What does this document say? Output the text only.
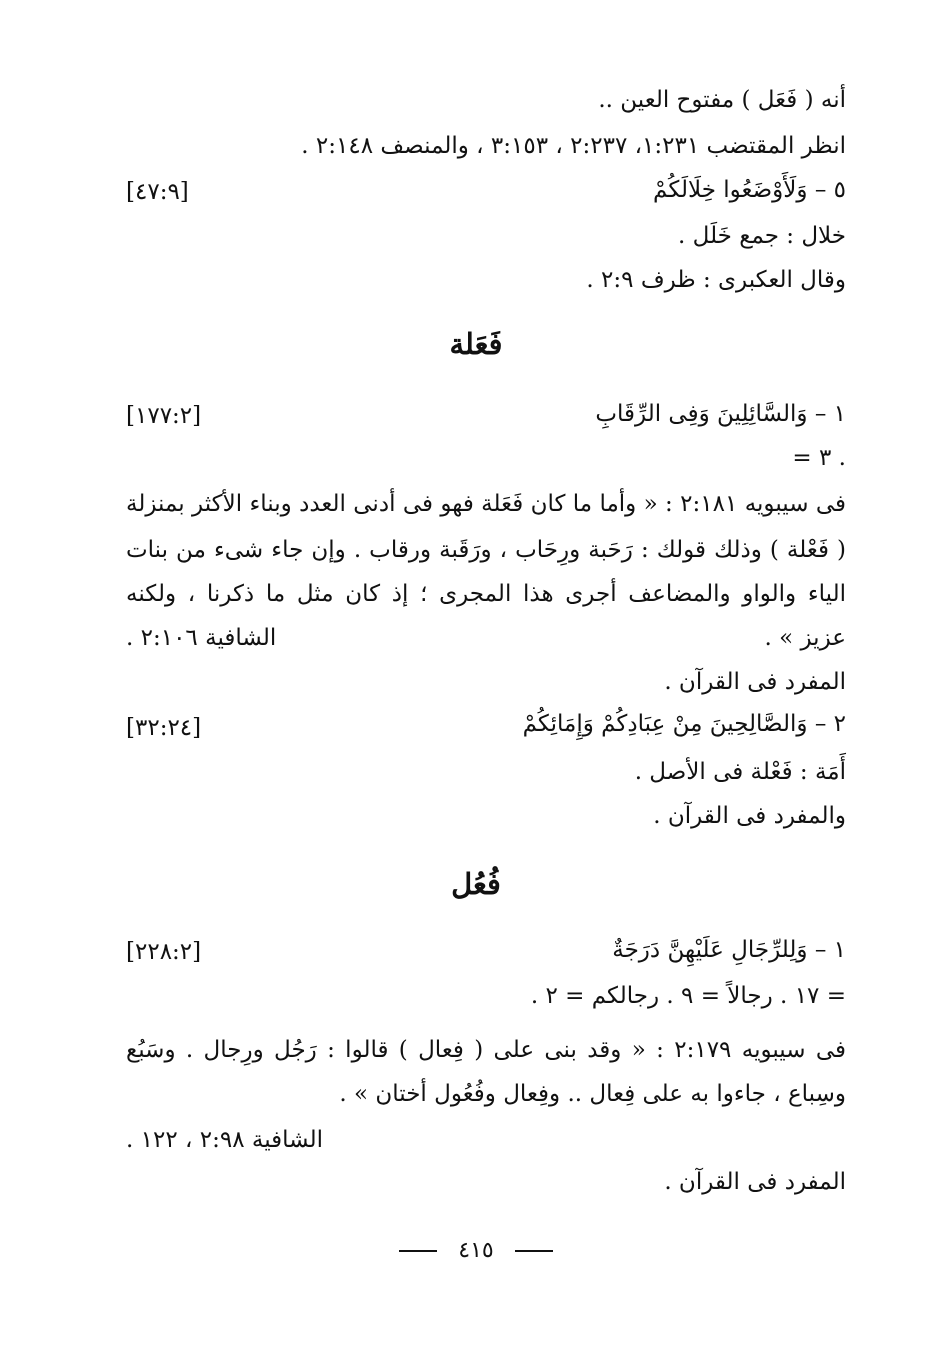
أنه ( فَعَل ) مفتوح العين ..
انظر المقتضب ١:٢٣١، ٢:٢٣٧ ، ٣:١٥٣ ، والمنصف ٢:١٤٨ .
٥ – وَلَأَوْضَعُوا خِلَالَكُمْ
[٤٧:٩]
خلال : جمع خَلَل .
وقال العكبرى : ظرف ٢:٩ .
فَعَلة
١ – وَالسَّائِلِينَ وَفِى الرِّقَابِ
[١٧٧:٢]
= ٣ .
فى سيبويه ٢:١٨١ : « وأما ما كان فَعَلة فهو فى أدنى العدد وبناء الأكثر بمنزلة
( فَعْلة ) وذلك قولك : رَحَبة ورِحَاب ، ورَقَبة ورقاب . وإن جاء شىء من بنات
الياء والواو والمضاعف أجرى هذا المجرى ؛ إذ كان مثل ما ذكرنا ، ولكنه
عزيز » .
الشافية ٢:١٠٦ .
المفرد فى القرآن .
٢ – وَالصَّالِحِينَ مِنْ عِبَادِكُمْ وَإِمَائِكُمْ
[٣٢:٢٤]
أَمَة : فَعْلة فى الأصل .
والمفرد فى القرآن .
فُعُل
١ – وَلِلرِّجَالِ عَلَيْهِنَّ دَرَجَةٌ
[٢٢٨:٢]
= ١٧ . رجالاً = ٩ . رجالكم = ٢ .
فى سيبويه ٢:١٧٩ : « وقد بنى على ( فِعال ) قالوا : رَجُل ورِجال . وسَبُع
وسِباع ، جاءوا به على فِعال .. وفِعال وفُعُول أختان » .
الشافية ٢:٩٨ ، ١٢٢ .
المفرد فى القرآن .
٤١٥
